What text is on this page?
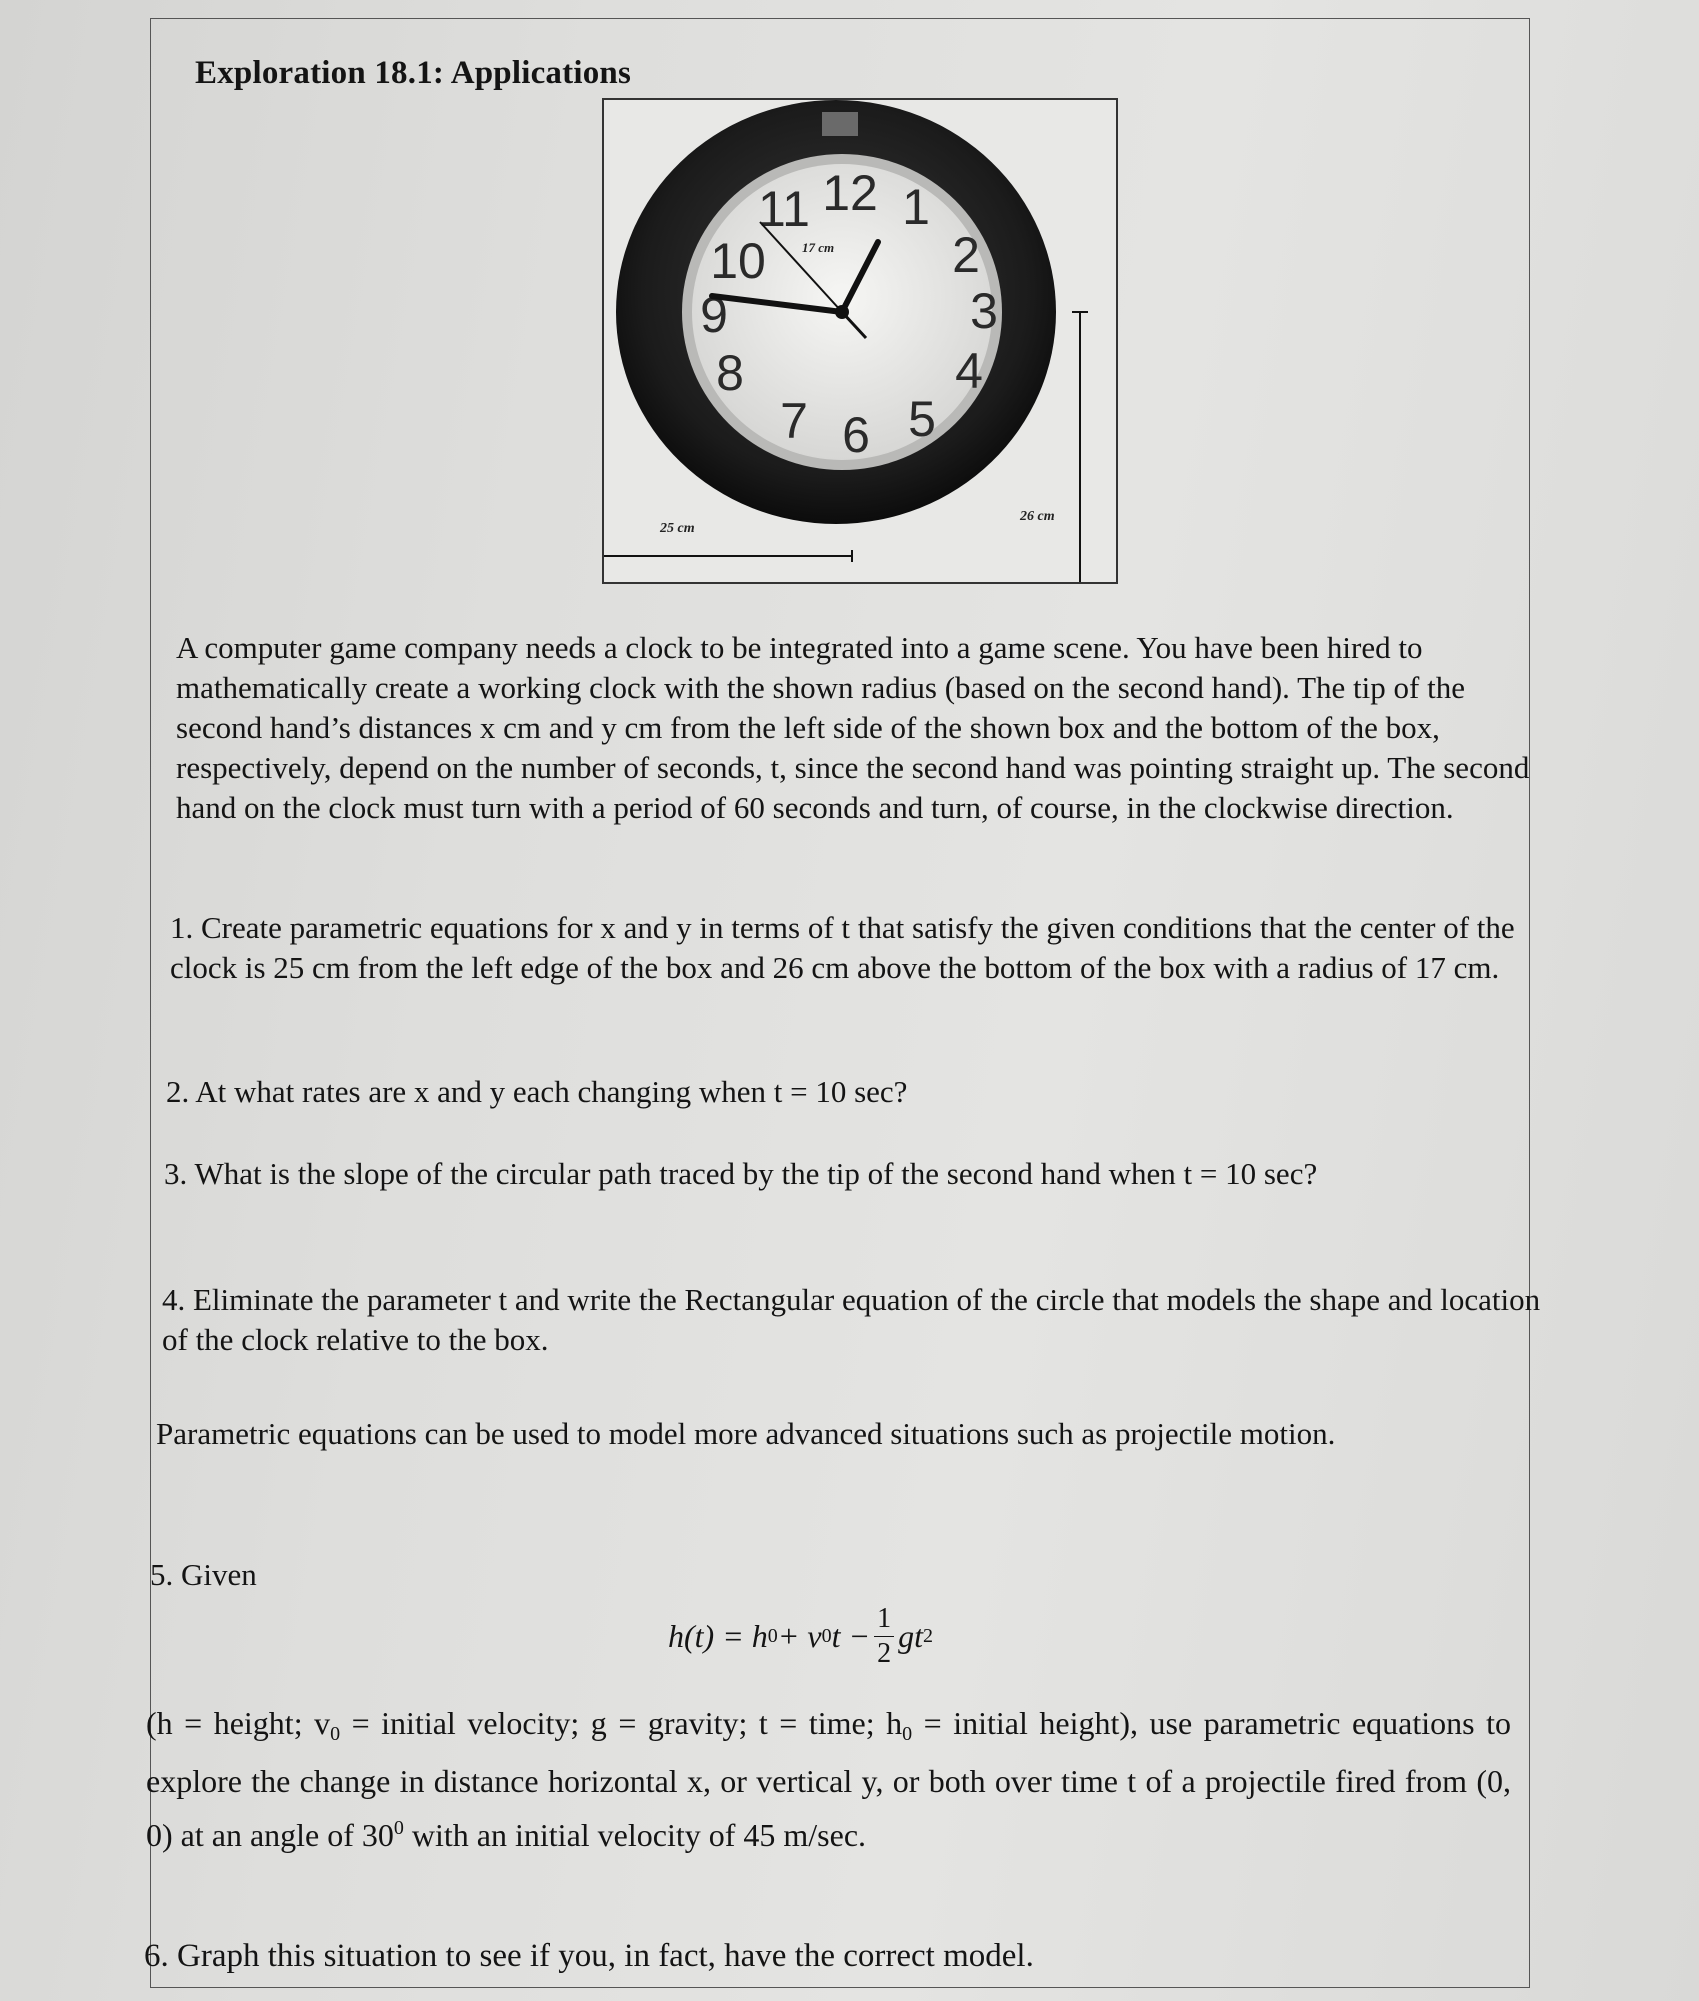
Exploration 18.1: Applications
12 1
2
3
4
5
6
7
8
9
10
11
17 cm
25 cm
26 cm
A computer game company needs a clock to be integrated into a game scene. You have been hired to mathematically create a working clock with the shown radius (based on the second hand). The tip of the second hand’s distances x cm and y cm from the left side of the shown box and the bottom of the box, respectively, depend on the number of seconds, t, since the second hand was pointing straight up. The second hand on the clock must turn with a period of 60 seconds and turn, of course, in the clockwise direction.
1. Create parametric equations for x and y in terms of t that satisfy the given conditions that the center of the clock is 25 cm from the left edge of the box and 26 cm above the bottom of the box with a radius of 17 cm.
2. At what rates are x and y each changing when t = 10 sec?
3. What is the slope of the circular path traced by the tip of the second hand when t = 10 sec?
4. Eliminate the parameter t and write the Rectangular equation of the circle that models the shape and location of the clock relative to the box.
Parametric equations can be used to model more advanced situations such as projectile motion.
5. Given
h(t) = h 0 + v 0 $t - \frac{1}{2}$ gt 2
(h = height; $v_0$ = initial velocity; g = gravity; t = time; h0 = initial height), use parametric equations to explore the change in distance horizontal x, or vertical y, or both over time t of a projectile fired from (0, 0) at an angle of $30^0$ with an initial velocity of 45 m/sec.
6. Graph this situation to see if you, in fact, have the correct model.
